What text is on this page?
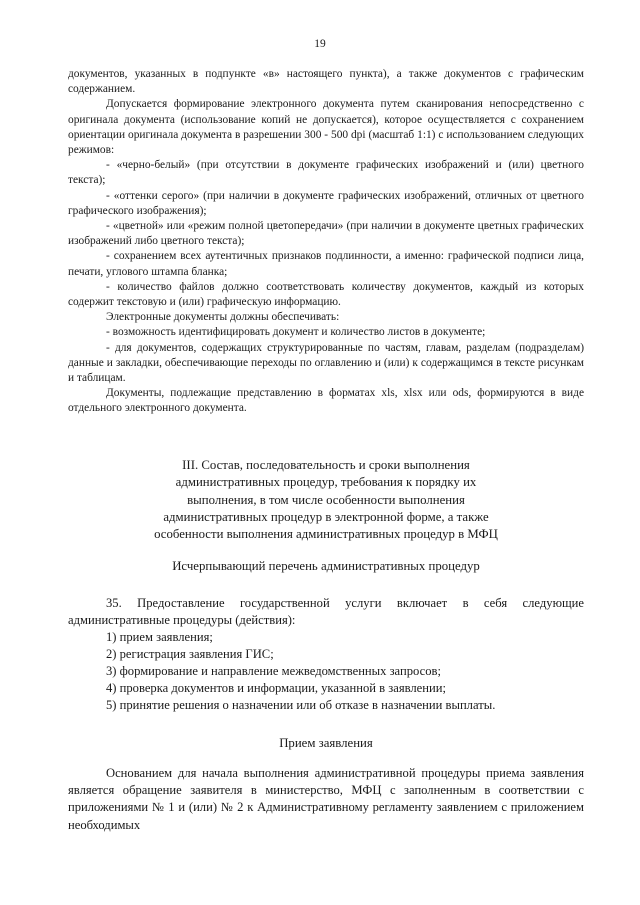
19

документов, указанных в подпункте «в» настоящего пункта), а также документов с графическим содержанием.

Допускается формирование электронного документа путем сканирования непосредственно с оригинала документа (использование копий не допускается), которое осуществляется с сохранением ориентации оригинала документа в разрешении 300 - 500 dpi (масштаб 1:1) с использованием следующих режимов:

- «черно-белый» (при отсутствии в документе графических изображений и (или) цветного текста);

- «оттенки серого» (при наличии в документе графических изображений, отличных от цветного графического изображения);

- «цветной» или «режим полной цветопередачи» (при наличии в документе цветных графических изображений либо цветного текста);

- сохранением всех аутентичных признаков подлинности, а именно: графической подписи лица, печати, углового штампа бланка;

- количество файлов должно соответствовать количеству документов, каждый из которых содержит текстовую и (или) графическую информацию.

Электронные документы должны обеспечивать:

- возможность идентифицировать документ и количество листов в документе;

- для документов, содержащих структурированные по частям, главам, разделам (подразделам) данные и закладки, обеспечивающие переходы по оглавлению и (или) к содержащимся в тексте рисункам и таблицам.

Документы, подлежащие представлению в форматах xls, xlsx или ods, формируются в виде отдельного электронного документа.

III. Состав, последовательность и сроки выполнения
административных процедур, требования к порядку их
выполнения, в том числе особенности выполнения
административных процедур в электронной форме, а также
особенности выполнения административных процедур в МФЦ
Исчерпывающий перечень административных процедур

35. Предоставление государственной услуги включает в себя следующие административные процедуры (действия):

1) прием заявления;
2) регистрация заявления ГИС;
3) формирование и направление межведомственных запросов;
4) проверка документов и информации, указанной в заявлении;
5) принятие решения о назначении или об отказе в назначении выплаты.
Прием заявления

Основанием для начала выполнения административной процедуры приема заявления является обращение заявителя в министерство, МФЦ с заполненным в соответствии с приложениями № 1 и (или) № 2 к Административному регламенту заявлением с приложением необходимых
